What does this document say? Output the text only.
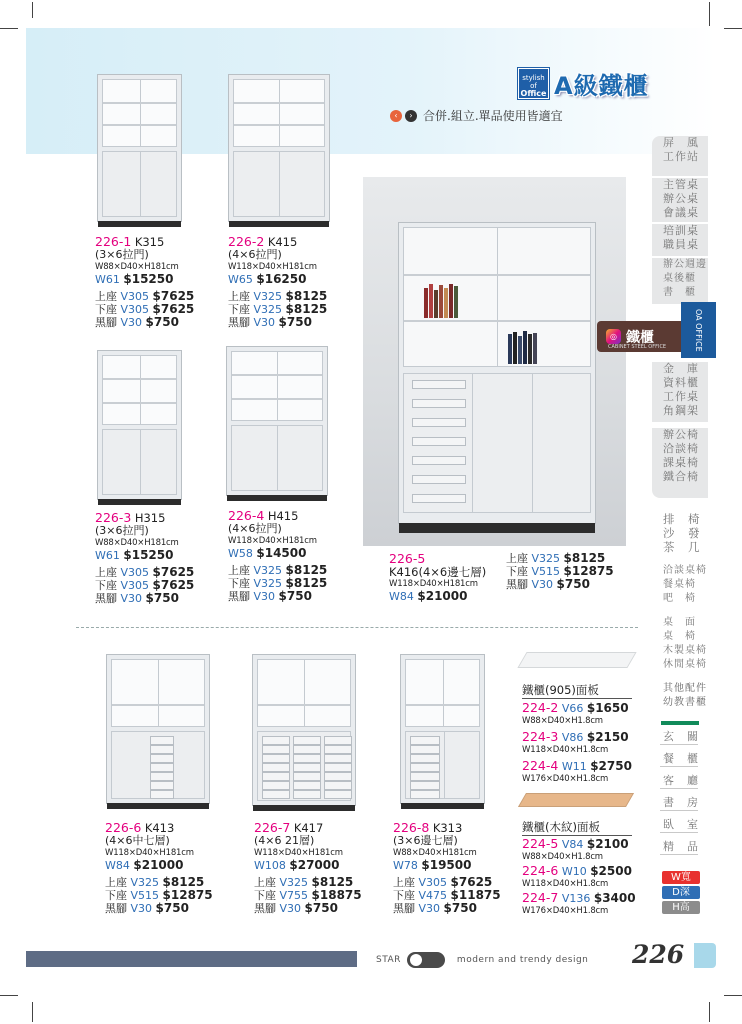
stylish
of
Office A級鐵櫃
‹	› 合併.組立.單品使用皆適宜
◎ 鐵櫃
CABINET STEEL OFFICE
226-1 K315
(3×6拉門)
W88×D40×H181cm
W61 $15250
上座 V305 $7625
下座 V305 $7625
黑腳 V30 $750
226-2 K415
(4×6拉門)
W118×D40×H181cm
W65 $16250
上座 V325 $8125
下座 V325 $8125
黑腳 V30 $750
226-3 H315
(3×6拉門)
W88×D40×H181cm
W61 $15250
上座 V305 $7625
下座 V305 $7625
黑腳 V30 $750
226-4 H415
(4×6拉門)
W118×D40×H181cm
W58 $14500
上座 V325 $8125
下座 V325 $8125
黑腳 V30 $750
226-5
K416(4×6邊七層)
W118×D40×H181cm
W84 $21000
上座 V325 $8125
下座 V515 $12875
黑腳 V30 $750
226-6 K413
(4×6中七層)
W118×D40×H181cm
W84 $21000
上座 V325 $8125
下座 V515 $12875
黑腳 V30 $750
226-7 K417
(4×6 21層)
W118×D40×H181cm
W108 $27000
上座 V325 $8125
下座 V755 $18875
黑腳 V30 $750
226-8 K313
(3×6邊七層)
W88×D40×H181cm
W78 $19500
上座 V305 $7625
下座 V475 $11875
黑腳 V30 $750
鐵櫃(905)面板
224-2 V66 $1650
W88×D40×H1.8cm
224-3 V86 $2150
W118×D40×H1.8cm
224-4 W11 $2750
W176×D40×H1.8cm
鐵櫃(木紋)面板
224-5 V84 $2100
W88×D40×H1.8cm
224-6 W10 $2500
W118×D40×H1.8cm
224-7 V136 $3400
W176×D40×H1.8cm
屏　風
工作站
主管桌
辦公桌
會議桌
培訓桌
職員桌
辦公週邊
桌後櫃
書　櫃
金　庫
資料櫃
工作桌
角鋼架
辦公椅
洽談椅
課桌椅
鐵合椅
排　椅
沙　發
茶　几
洽談桌椅
餐桌椅
吧　椅
桌　面
桌　椅
木製桌椅
休閒桌椅
其他配件
幼教書櫃
玄　關
餐　櫃
客　廳
書　房
臥　室
精　品
OA OFFICE
W寬
D深
H高
STAR	modern and trendy design 226
